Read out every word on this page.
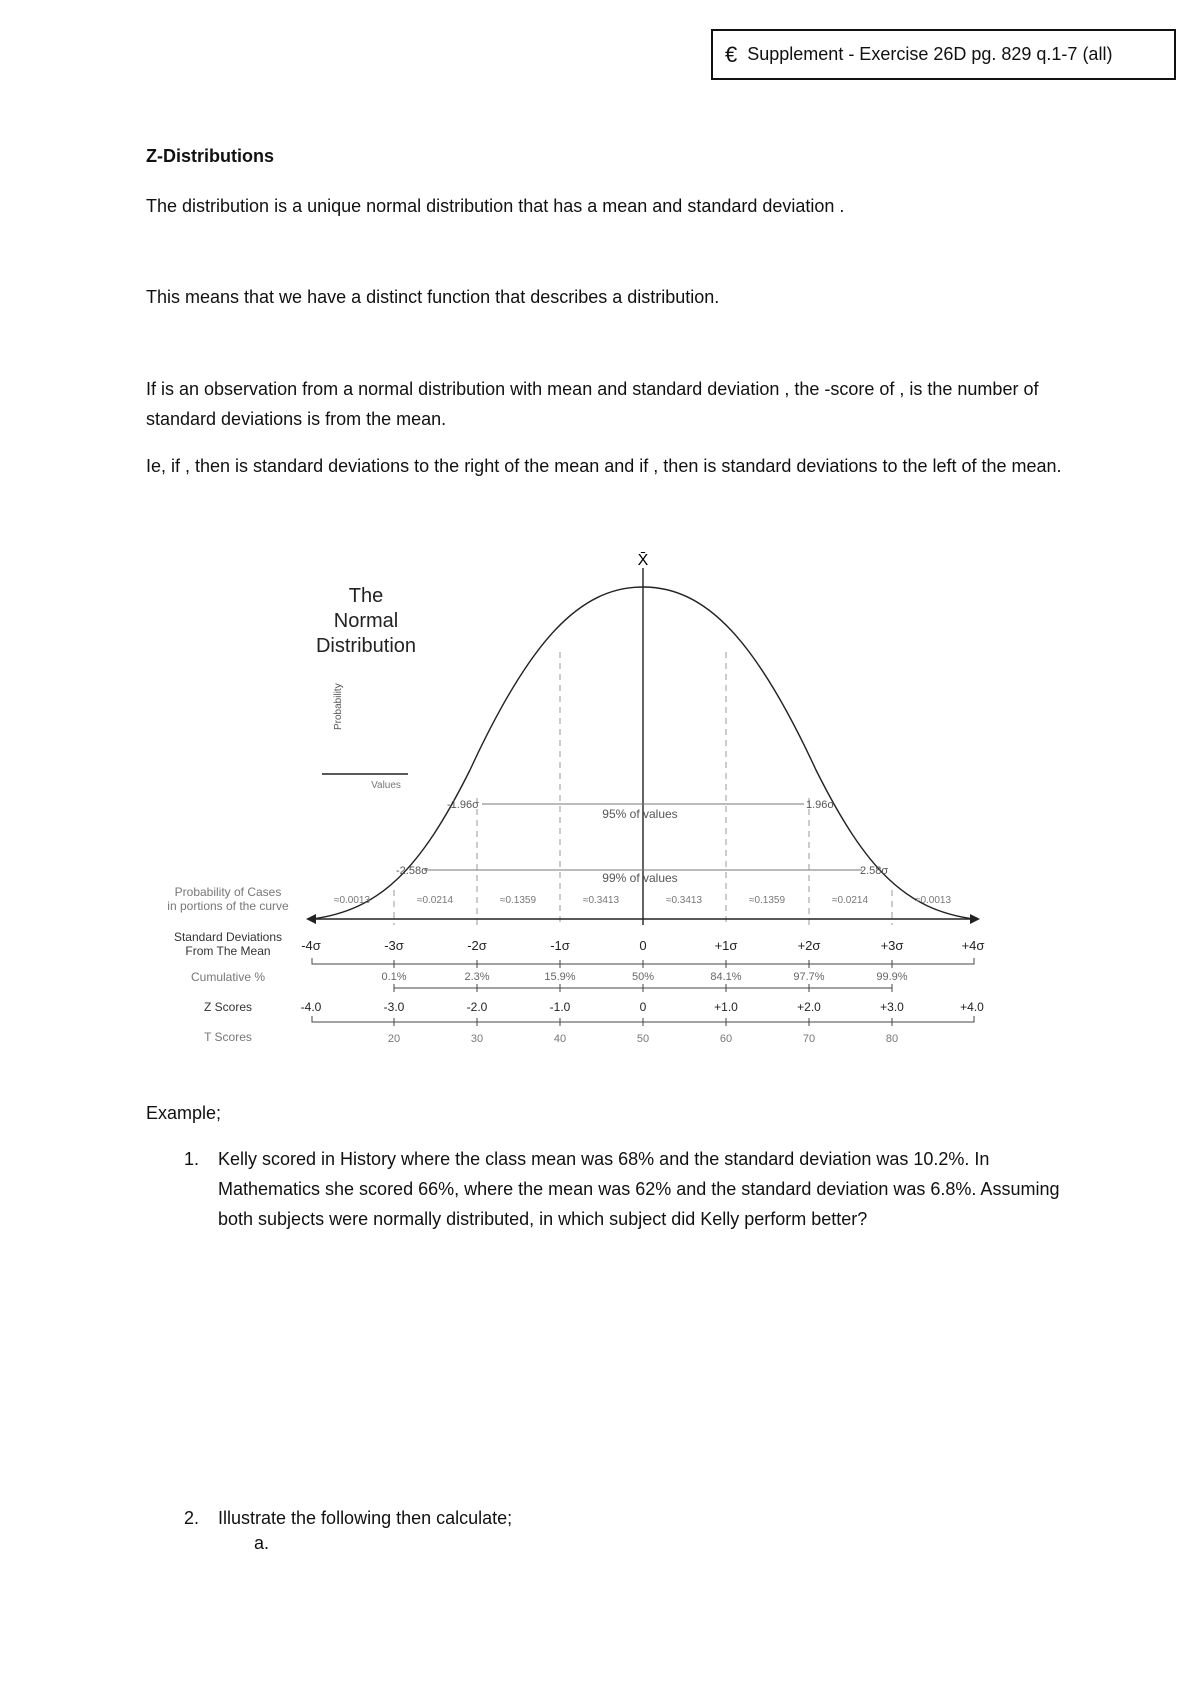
€ Supplement - Exercise 26D pg. 829 q.1-7 (all)
Z-Distributions

The distribution is a unique normal distribution that has a mean and standard deviation .

This means that we have a distinct function that describes a distribution.

If is an observation from a normal distribution with mean and standard deviation , the -score of , is the number of standard deviations is from the mean.

Ie, if , then is standard deviations to the right of the mean and if , then is standard deviations to the left of the mean.

X̄
The
Normal
Distribution
Probability
Values
-1.96σ	1.96σ
95% of values
-2.58σ	2.58σ
99% of values
Probability of Cases
in portions of the curve	≈0.0013	≈0.0214	≈0.1359	≈0.3413	≈0.3413	≈0.1359	≈0.0214	≈0.0013
Standard Deviations
From The Mean -4σ	-3σ	-2σ	-1σ	0	+1σ	+2σ	+3σ	+4σ
Cumulative %	0.1%	2.3%	15.9%	50%	84.1%	97.7%	99.9%
Z Scores	-4.0	-3.0	-2.0	-1.0	0	+1.0	+2.0	+3.0	+4.0
T Scores	20	30	40	50	60	70	80

Example;

1. Kelly scored in History where the class mean was 68% and the standard deviation was 10.2%. In Mathematics she scored 66%, where the mean was 62% and the standard deviation was 6.8%. Assuming both subjects were normally distributed, in which subject did Kelly perform better?
2. Illustrate the following then calculate;
a.
